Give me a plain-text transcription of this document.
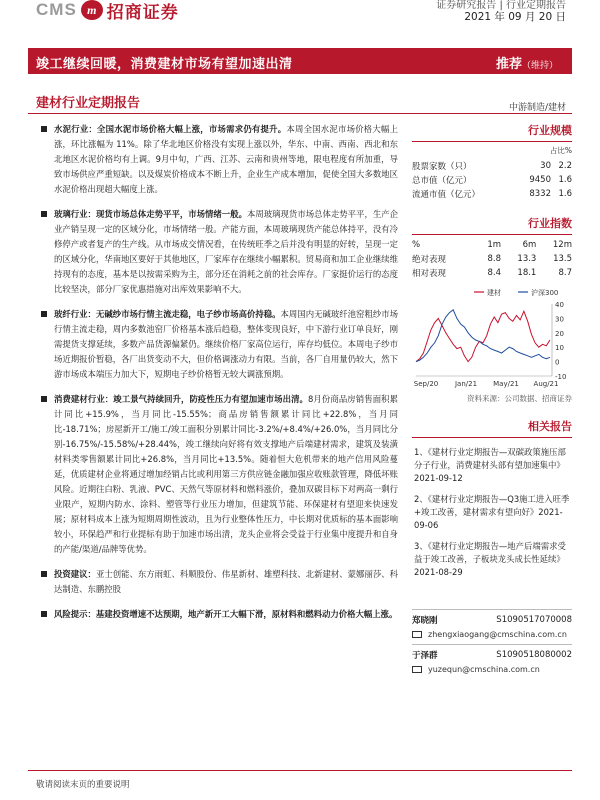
CMS m 招商证券	证券研究报告 | 行业定期报告
2021 年 09 月 20 日
竣工继续回暖，消费建材市场有望加速出清	推荐（维持）
建材行业定期报告	中游制造/建材
水泥行业：全国水泥市场价格大幅上涨，市场需求仍有提升。本周全国水泥市场价格大幅上涨，环比涨幅为 11%。除了华北地区价格没有实现上涨以外，华东、中南、西南、西北和东北地区水泥价格均有上调。9月中旬，广西、江苏、云南和贵州等地，限电程度有所加重，导致市场供应严重短缺。以及煤炭价格成本不断上升，企业生产成本增加，促使全国大多数地区水泥价格出现超大幅度上涨。
玻璃行业：现货市场总体走势平平，市场情绪一般。本周玻璃现货市场总体走势平平，生产企业产销呈现一定的区域分化，市场情绪一般。产能方面，本周玻璃现货产能总体持平，没有冷修停产或者复产的生产线。从市场成交情况看，在传统旺季之后并没有明显的好转，呈现一定的区域分化，华南地区要好于其他地区，厂家库存在继续小幅累积。贸易商和加工企业继续维持现有的态度，基本是以按需采购为主，部分还在消耗之前的社会库存。厂家挺价运行的态度比较坚决，部分厂家优惠措施对出库效果影响不大。
玻纤行业：无碱纱市场行情主流走稳，电子纱市场高价持稳。本周国内无碱玻纤池窑粗纱市场行情主流走稳，周内多数池窑厂价格基本涨后趋稳，整体变现良好，中下游行业订单良好，刚需提货支撑延续，多数产品货源偏紧仍。继续价格厂家高位运行，库存均低位。本周电子纱市场近期报价暂稳，各厂出货变动不大，但价格调涨动力有限。当前，各厂自用量仍较大，然下游市场成本端压力加大下，短期电子纱价格暂无较大调涨预期。
消费建材行业：竣工景气持续回升，防疫性压力有望加速市场出清。8月份商品房销售面积累计同比+15.9%，当月同比-15.55%；商品房销售额累计同比+22.8%，当月同比-18.71%；房屋新开工/施工/竣工面积分别累计同比-3.2%/+8.4%/+26.0%，当月同比分别-16.75%/-15.58%/+28.44%，竣工继续向好将有效支撑地产后端建材需求，建筑及装潢材料类零售额累计同比+26.8%，当月同比+13.5%。随着恒大危机带来的地产信用风险蔓延，优质建材企业将通过增加经销占比或利用第三方供应链金融加强应收账款管理，降低坏账风险。近期往白粉、乳液、PVC、天然气等原材料和燃料涨价，叠加双碳目标下对两高一剩行业限产，短期内防水、涂料、塑管等行业压力增加，但建筑节能、环保建材有望迎来快速发展；原材料成本上涨为短期周期性波动，且为行业整体性压力，中长期对优质标的基本面影响较小，环保趋严和行业提标有助于加速市场出清，龙头企业将会受益于行业集中度提升和自身的产能/渠道/品牌等优势。
投资建议：亚士创能、东方雨虹、科顺股份、伟星新材、雄塑科技、北新建材、蒙娜丽莎、科达制造、东鹏控股
风险提示：基建投资增速不达预期，地产新开工大幅下滑，原材料和燃料动力价格大幅上涨。
行业规模
占比%
股票家数（只）	30	2.2
总市值（亿元）	9450	1.6
流通市值（亿元）	8332	1.6
行业指数
%	1m	6m	12m
绝对表现	8.8	13.3	13.5
相对表现	8.4	18.1	8.7
40
30
20
10
0
-10
Sep/20 Jan/21 May/21 Aug/21
建材	沪深300
资料来源：公司数据、招商证券
相关报告
1、《建材行业定期报告—双碳政策施压部分子行业，消费建材头部有望加速集中》2021-09-12
2、《建材行业定期报告—Q3施工进入旺季+竣工改善，建材需求有望向好》2021-09-06
3、《建材行业定期报告—地产后端需求受益于竣工改善，子板块龙头成长性延续》2021-08-29
郑晓刚	S1090517070008
zhengxiaogang@cmschina.com.cn
于泽群	S1090518080002
yuzequn@cmschina.com.cn
敬请阅读末页的重要说明
